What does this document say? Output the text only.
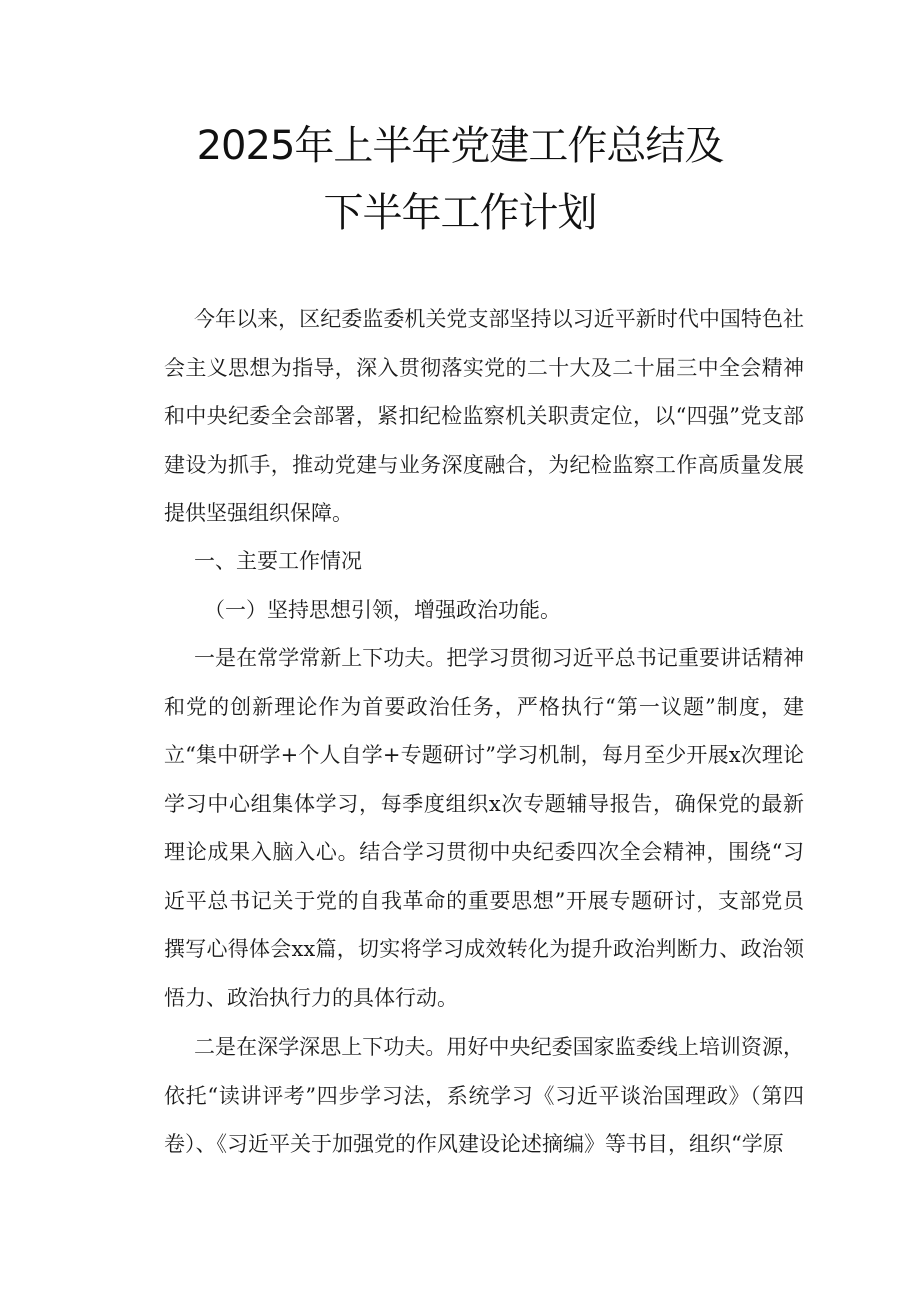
2025年上半年党建工作总结及
下半年工作计划

今年以来，区纪委监委机关党支部坚持以习近平新时代中国特色社会主义思想为指导，深入贯彻落实党的二十大及二十届三中全会精神和中央纪委全会部署，紧扣纪检监察机关职责定位，以“四强”党支部建设为抓手，推动党建与业务深度融合，为纪检监察工作高质量发展提供坚强组织保障。

一、主要工作情况

（一）坚持思想引领，增强政治功能。

一是在常学常新上下功夫。把学习贯彻习近平总书记重要讲话精神和党的创新理论作为首要政治任务，严格执行“第一议题”制度，建立“集中研学+个人自学+专题研讨”学习机制，每月至少开展x次理论学习中心组集体学习，每季度组织x次专题辅导报告，确保党的最新理论成果入脑入心。结合学习贯彻中央纪委四次全会精神，围绕“习近平总书记关于党的自我革命的重要思想”开展专题研讨，支部党员撰写心得体会xx篇，切实将学习成效转化为提升政治判断力、政治领悟力、政治执行力的具体行动。

二是在深学深思上下功夫。用好中央纪委国家监委线上培训资源，依托“读讲评考”四步学习法，系统学习《习近平谈治国理政》（第四卷）、《习近平关于加强党的作风建设论述摘编》等书目，组织“学原
